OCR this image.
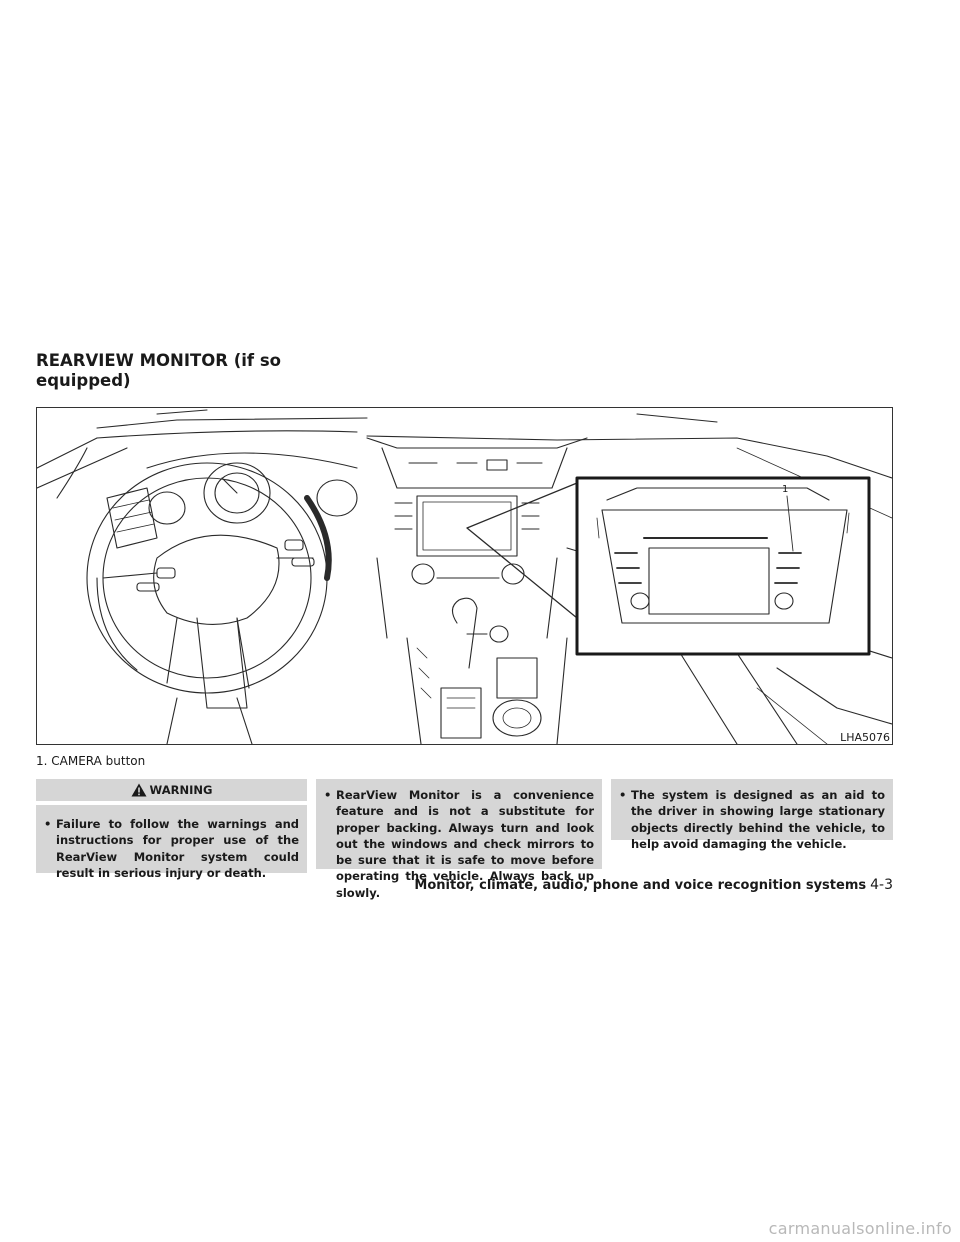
REARVIEW MONITOR (if so equipped)
1
LHA5076
1. CAMERA button
WARNING
• Failure to follow the warnings and instructions for proper use of the RearView Monitor system could result in serious injury or death.
• RearView Monitor is a convenience feature and is not a substitute for proper backing. Always turn and look out the windows and check mirrors to be sure that it is safe to move before operating the vehicle. Always back up slowly.
• The system is designed as an aid to the driver in showing large stationary objects directly behind the vehicle, to help avoid damaging the vehicle.
Monitor, climate, audio, phone and voice recognition systems 4-3
carmanualsonline.info
